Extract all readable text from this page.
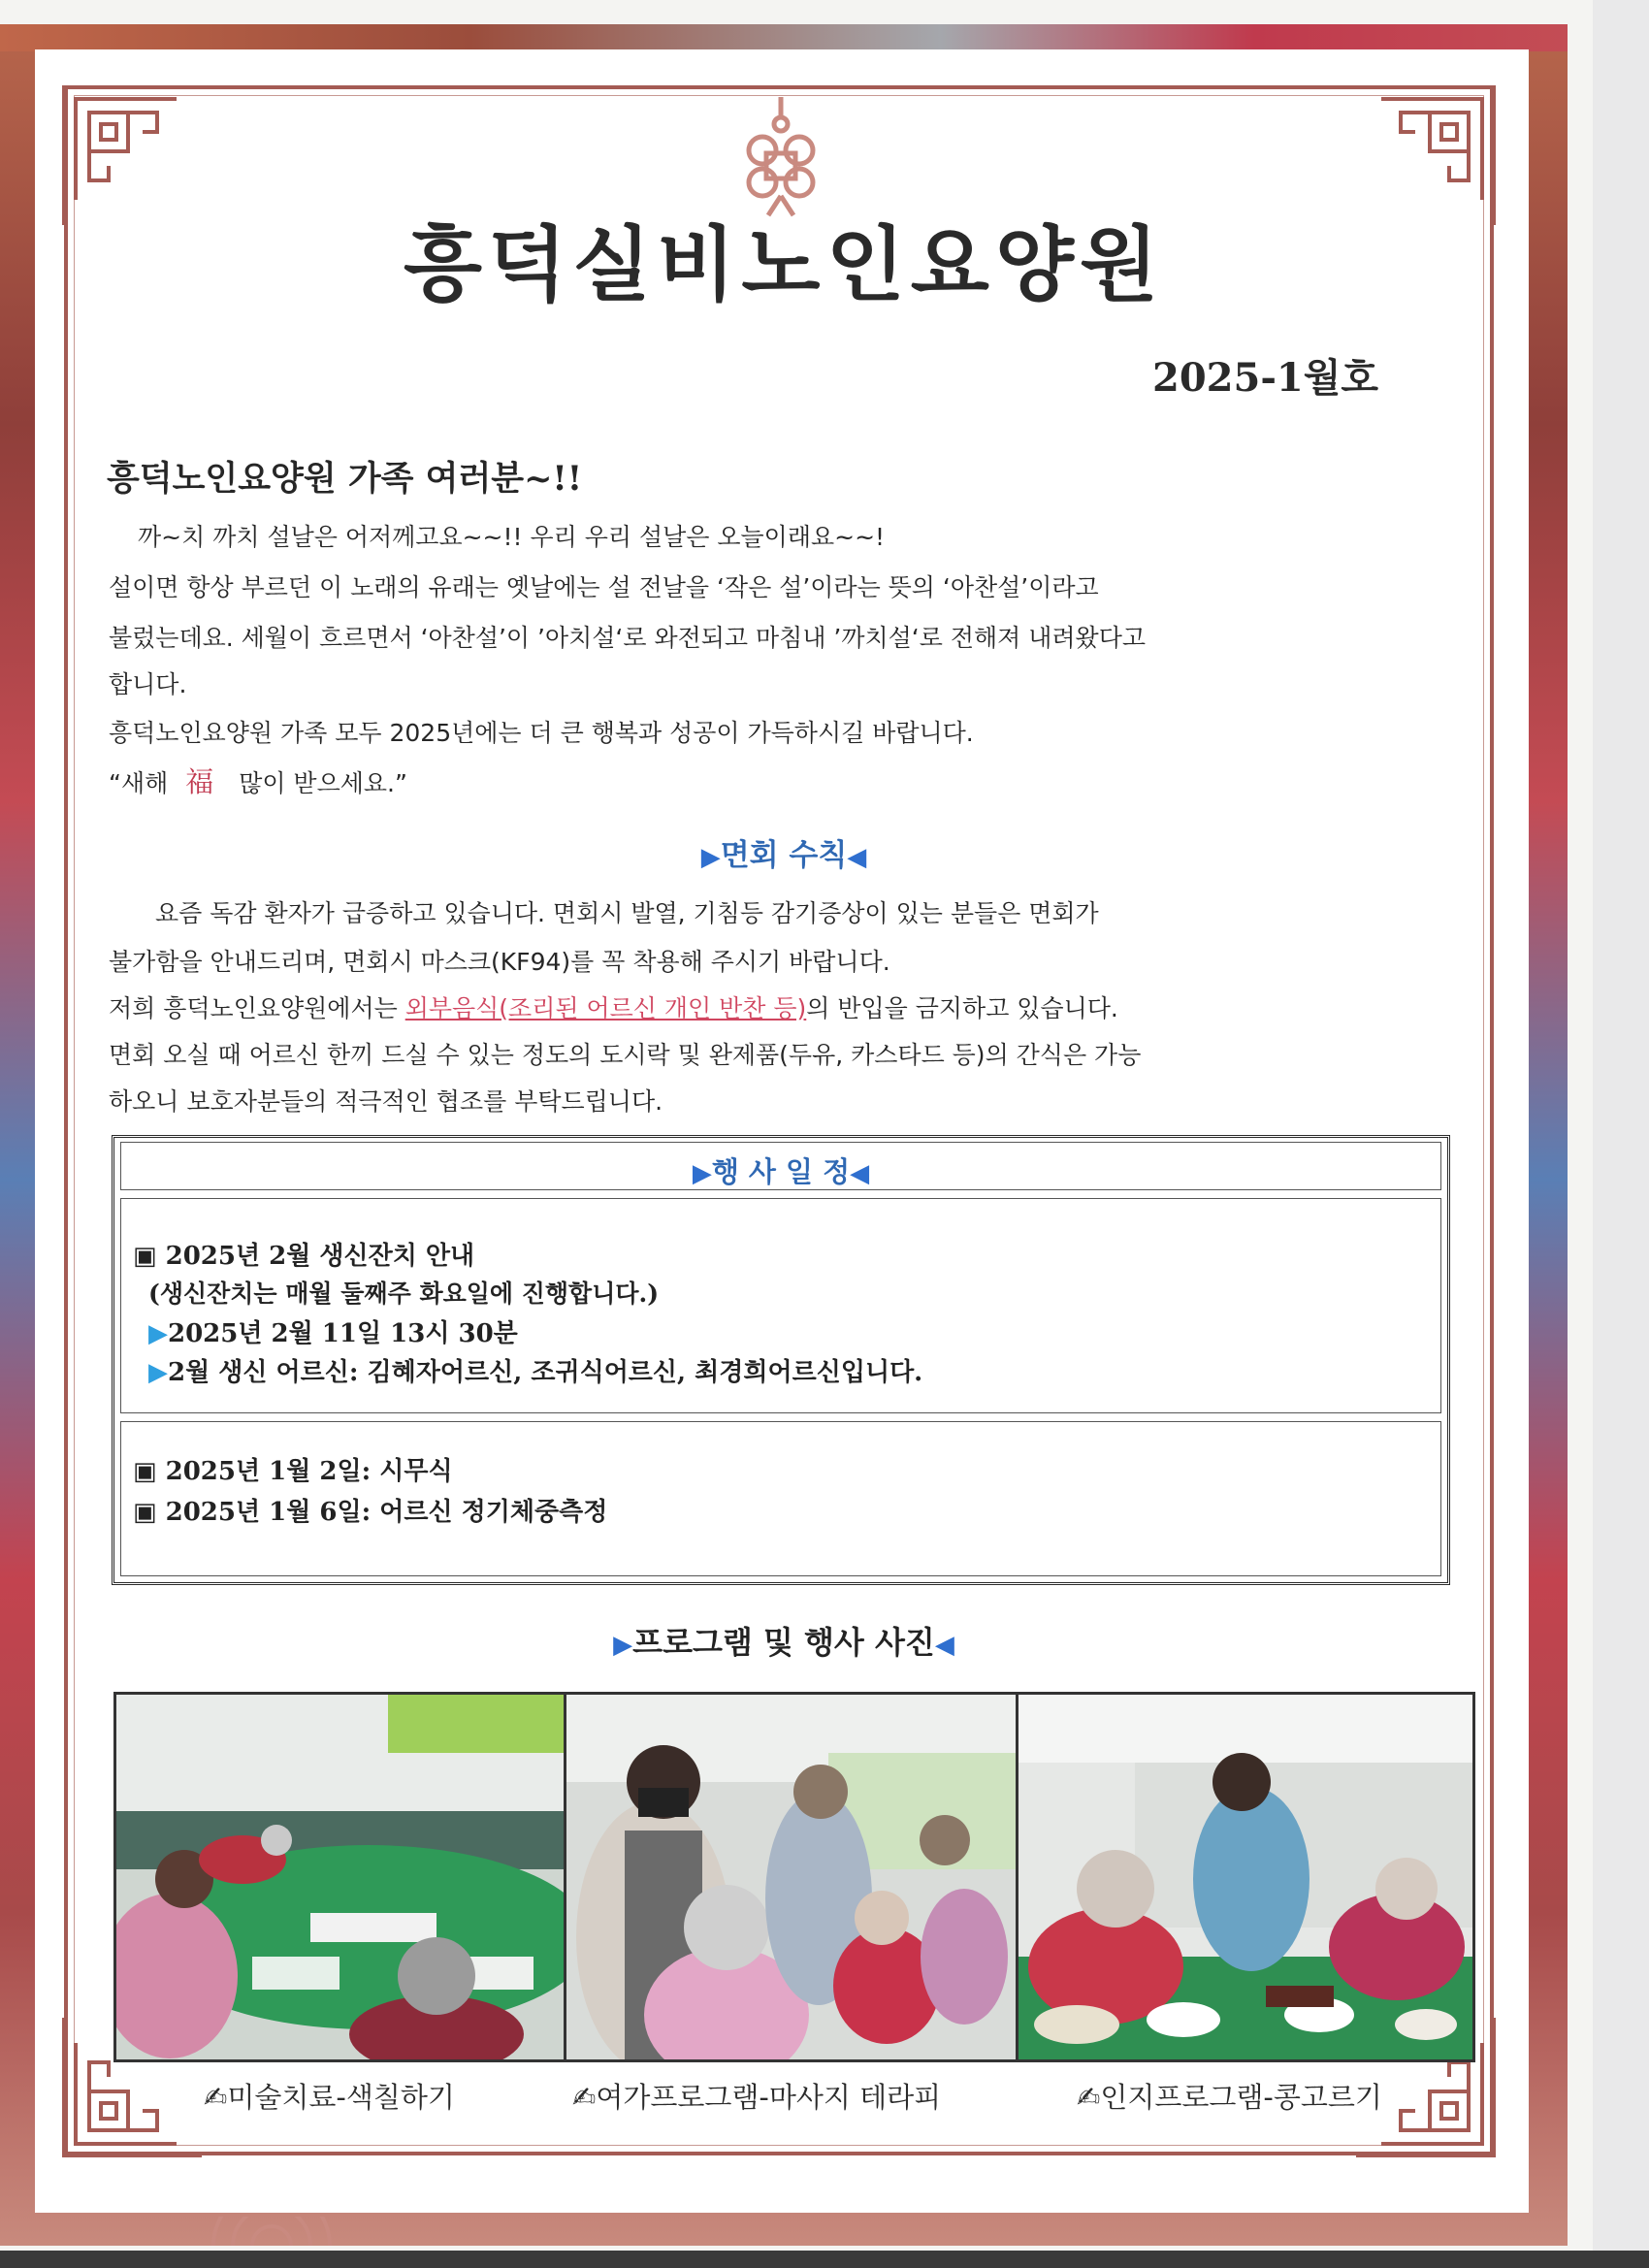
흥덕실비노인요양원
2025-1월호
흥덕노인요양원 가족 여러분~!!
까~치 까치 설날은 어저께고요~~!! 우리 우리 설날은 오늘이래요~~!
설이면 항상 부르던 이 노래의 유래는 옛날에는 설 전날을 ‘작은 설’이라는 뜻의 ‘아찬설’이라고
불렀는데요. 세월이 흐르면서 ‘아찬설’이 ’아치설‘로 와전되고 마침내 ’까치설‘로 전해져 내려왔다고
합니다.
흥덕노인요양원 가족 모두 2025년에는 더 큰 행복과 성공이 가득하시길 바랍니다.
“새해 福 많이 받으세요.”
▶면회 수칙◀
요즘 독감 환자가 급증하고 있습니다. 면회시 발열, 기침등 감기증상이 있는 분들은 면회가
불가함을 안내드리며, 면회시 마스크(KF94)를 꼭 착용해 주시기 바랍니다.
저희 흥덕노인요양원에서는 외부음식(조리된 어르신 개인 반찬 등)의 반입을 금지하고 있습니다.
면회 오실 때 어르신 한끼 드실 수 있는 정도의 도시락 및 완제품(두유, 카스타드 등)의 간식은 가능
하오니 보호자분들의 적극적인 협조를 부탁드립니다.
▶행 사 일 정◀
▣ 2025년 2월 생신잔치 안내
(생신잔치는 매월 둘째주 화요일에 진행합니다.)
▶2025년 2월 11일 13시 30분
▶2월 생신 어르신: 김혜자어르신, 조귀식어르신, 최경희어르신입니다.
▣ 2025년 1월 2일: 시무식
▣ 2025년 1월 6일: 어르신 정기체중측정
▶프로그램 및 행사 사진◀
✍미술치료-색칠하기	✍여가프로그램-마사지 테라피	✍인지프로그램-콩고르기
